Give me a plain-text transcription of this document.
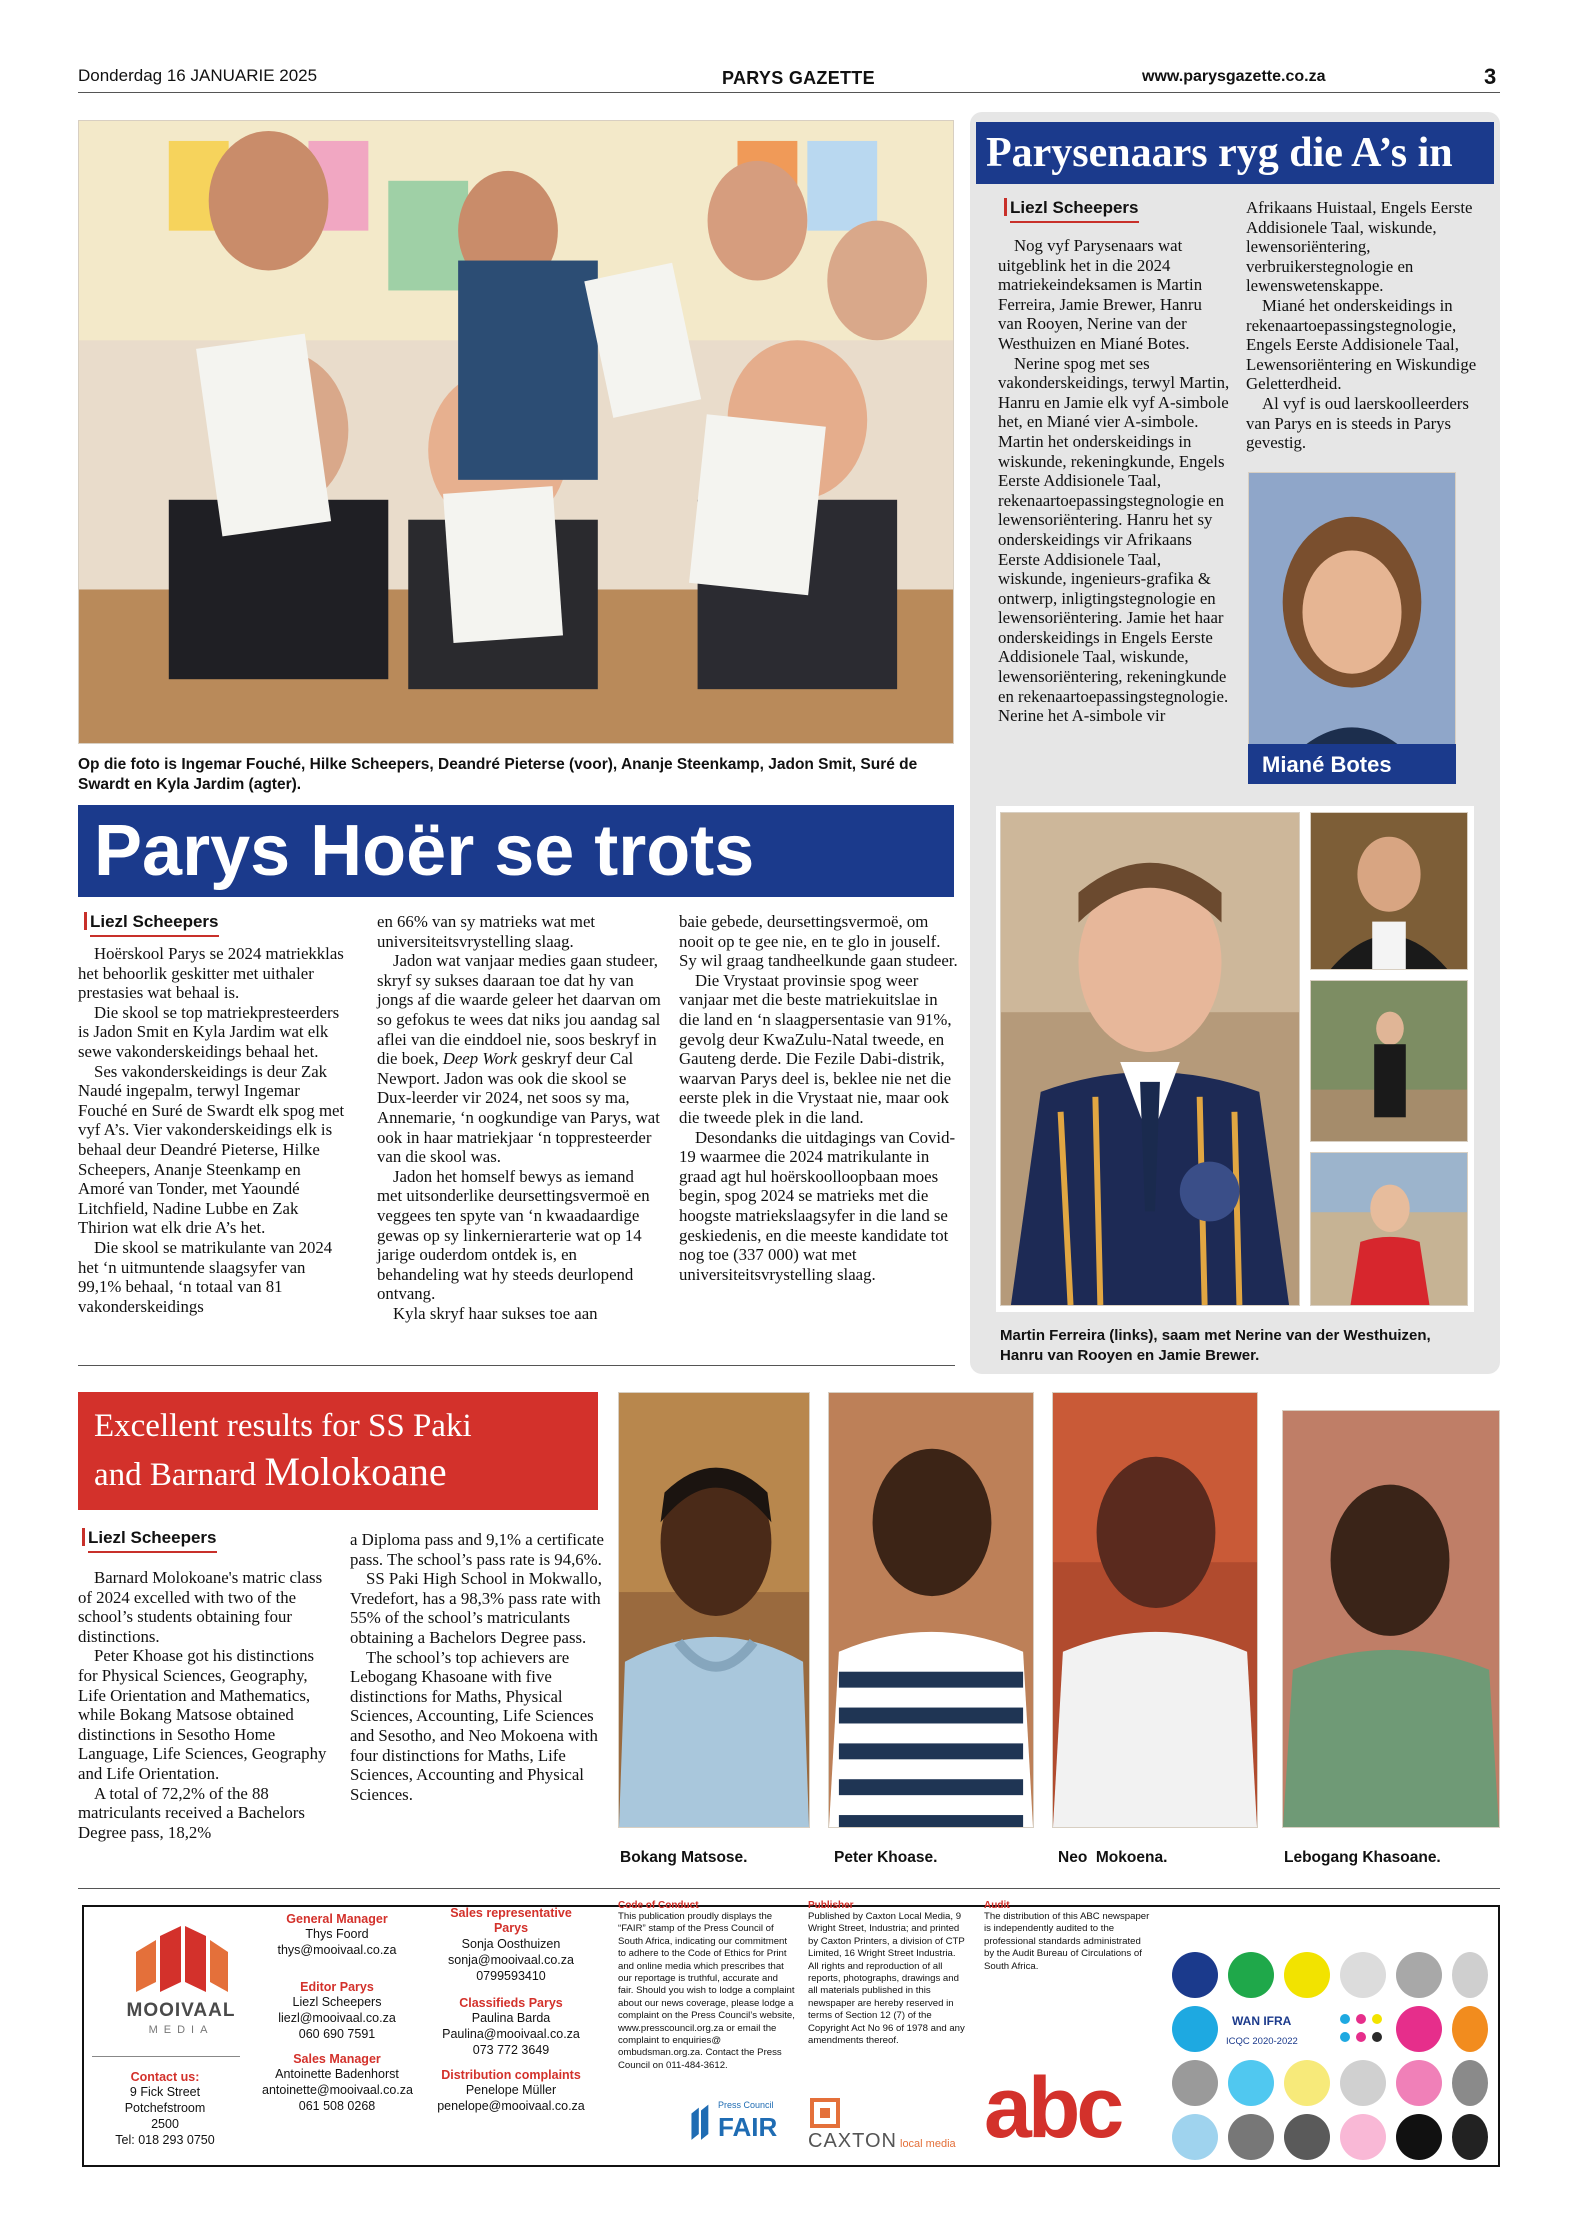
Donderdag 16 JANUARIE 2025	PARYS GAZETTE	www.parysgazette.co.za	3
Op die foto is Ingemar Fouché, Hilke Scheepers, Deandré Pieterse (voor), Ananje Steenkamp, Jadon Smit, Suré de Swardt en Kyla Jardim (agter).
Parys Hoër se trots
Liezl Scheepers

Hoërskool Parys se 2024 matriekklas het behoorlik geskitter met uithaler prestasies wat behaal is.

Die skool se top matriekpresteerders is Jadon Smit en Kyla Jardim wat elk sewe vakonderskeidings behaal het.

Ses vakonderskeidings is deur Zak Naudé ingepalm, terwyl Ingemar Fouché en Suré de Swardt elk spog met vyf A’s. Vier vakonderskeidings elk is behaal deur Deandré Pieterse, Hilke Scheepers, Ananje Steenkamp en Amoré van Tonder, met Yaoundé Litchfield, Nadine Lubbe en Zak Thirion wat elk drie A’s het.

Die skool se matrikulante van 2024 het ‘n uitmuntende slaagsyfer van 99,1% behaal, ‘n totaal van 81 vakonderskeidings

en 66% van sy matrieks wat met universiteitsvrystelling slaag.

Jadon wat vanjaar medies gaan studeer, skryf sy sukses daaraan toe dat hy van jongs af die waarde geleer het daarvan om so gefokus te wees dat niks jou aandag sal aflei van die einddoel nie, soos beskryf in die boek, Deep Work geskryf deur Cal Newport. Jadon was ook die skool se Dux-leerder vir 2024, net soos sy ma, Annemarie, ‘n oogkundige van Parys, wat ook in haar matriekjaar ‘n toppresteerder van die skool was.

Jadon het homself bewys as iemand met uitsonderlike deursettingsvermoë en veggees ten spyte van ‘n kwaadaardige gewas op sy linkernierarterie wat op 14 jarige ouderdom ontdek is, en behandeling wat hy steeds deurlopend ontvang.

Kyla skryf haar sukses toe aan

baie gebede, deursettingsvermoë, om nooit op te gee nie, en te glo in jouself. Sy wil graag tandheelkunde gaan studeer.

Die Vrystaat provinsie spog weer vanjaar met die beste matriekuitslae in die land en ‘n slaagpersentasie van 91%, gevolg deur KwaZulu-Natal tweede, en Gauteng derde. Die Fezile Dabi-distrik, waarvan Parys deel is, beklee nie net die eerste plek in die Vrystaat nie, maar ook die tweede plek in die land.

Desondanks die uitdagings van Covid-19 waarmee die 2024 matrikulante in graad agt hul hoërskoolloopbaan moes begin, spog 2024 se matrieks met die hoogste matriekslaagsyfer in die land se geskiedenis, en die meeste kandidate tot nog toe (337 000) wat met universiteitsvrystelling slaag.

Parysenaars ryg die A’s in
Liezl Scheepers

Nog vyf Parysenaars wat uitgeblink het in die 2024 matriekeindeksamen is Martin Ferreira, Jamie Brewer, Hanru van Rooyen, Nerine van der Westhuizen en Miané Botes.

Nerine spog met ses vakonderskeidings, terwyl Martin, Hanru en Jamie elk vyf A-simbole het, en Miané vier A-simbole. Martin het onderskeidings in wiskunde, rekeningkunde, Engels Eerste Addisionele Taal, rekenaartoepassingstegnologie en lewensoriëntering. Hanru het sy onderskeidings vir Afrikaans Eerste Addisionele Taal, wiskunde, ingenieurs-grafika & ontwerp, inligtingstegnologie en lewensoriëntering. Jamie het haar onderskeidings in Engels Eerste Addisionele Taal, wiskunde, lewensoriëntering, rekeningkunde en rekenaartoepassingstegnologie. Nerine het A-simbole vir

Afrikaans Huistaal, Engels Eerste Addisionele Taal, wiskunde, lewensoriëntering, verbruikerstegnologie en lewenswetenskappe.

Miané het onderskeidings in rekenaartoepassingstegnologie, Engels Eerste Addisionele Taal, Lewensoriëntering en Wiskundige Geletterdheid.

Al vyf is oud laerskoolleerders van Parys en is steeds in Parys gevestig.

Miané Botes
Martin Ferreira (links), saam met Nerine van der Westhuizen, Hanru van Rooyen en Jamie Brewer.
Excellent results for SS Paki
and Barnard Molokoane
Liezl Scheepers

Barnard Molokoane's matric class of 2024 excelled with two of the school’s students obtaining four distinctions.

Peter Khoase got his distinctions for Physical Sciences, Geography, Life Orientation and Mathematics, while Bokang Matsose obtained distinctions in Sesotho Home Language, Life Sciences, Geography and Life Orientation.

A total of 72,2% of the 88 matriculants received a Bachelors Degree pass, 18,2%

a Diploma pass and 9,1% a certificate pass. The school’s pass rate is 94,6%.

SS Paki High School in Mokwallo, Vredefort, has a 98,3% pass rate with 55% of the school’s matriculants obtaining a Bachelors Degree pass.

The school’s top achievers are Lebogang Khasoane with five distinctions for Maths, Physical Sciences, Accounting, Life Sciences and Sesotho, and Neo Mokoena with four distinctions for Maths, Life Sciences, Accounting and Physical Sciences.

Bokang Matsose.	Peter Khoase.	Neo  Mokoena.	Lebogang Khasoane.
MOOIVAAL
MEDIA
Contact us:
9 Fick Street
Potchefstroom
2500
Tel: 018 293 0750
General Manager
Thys Foord
thys@mooivaal.co.za
Editor Parys
Liezl Scheepers
liezl@mooivaal.co.za
060 690 7591
Sales Manager
Antoinette Badenhorst
antoinette@mooivaal.co.za
061 508 0268
Sales representative Parys
Sonja Oosthuizen
sonja@mooivaal.co.za
0799593410
Classifieds Parys
Paulina Barda
Paulina@mooivaal.co.za
073 772 3649
Distribution complaints
Penelope Müller
penelope@mooivaal.co.za
Code of Conduct
This publication proudly displays the “FAIR” stamp of the Press Council of South Africa, indicating our commitment to adhere to the Code of Ethics for Print and online media which prescribes that our reportage is truthful, accurate and fair. Should you wish to lodge a complaint about our news coverage, please lodge a complaint on the Press Council’s website, www.presscouncil.org.za or email the complaint to enquiries@ ombudsman.org.za. Contact the Press Council on 011-484-3612.
Press Council
FAIR
Publisher
Published by Caxton Local Media, 9 Wright Street, Industria; and printed by Caxton Printers, a division of CTP Limited, 16 Wright Street Industria. All rights and reproduction of all reports, photographs, drawings and all materials published in this newspaper are hereby reserved in terms of Section 12 (7) of the Copyright Act No 96 of 1978 and any amendments thereof.
CAXTON local media
Audit
The distribution of this ABC newspaper is independently audited to the professional standards administrated by the Audit Bureau of Circulations of South Africa.
abc
WAN IFRA
ICQC 2020-2022
